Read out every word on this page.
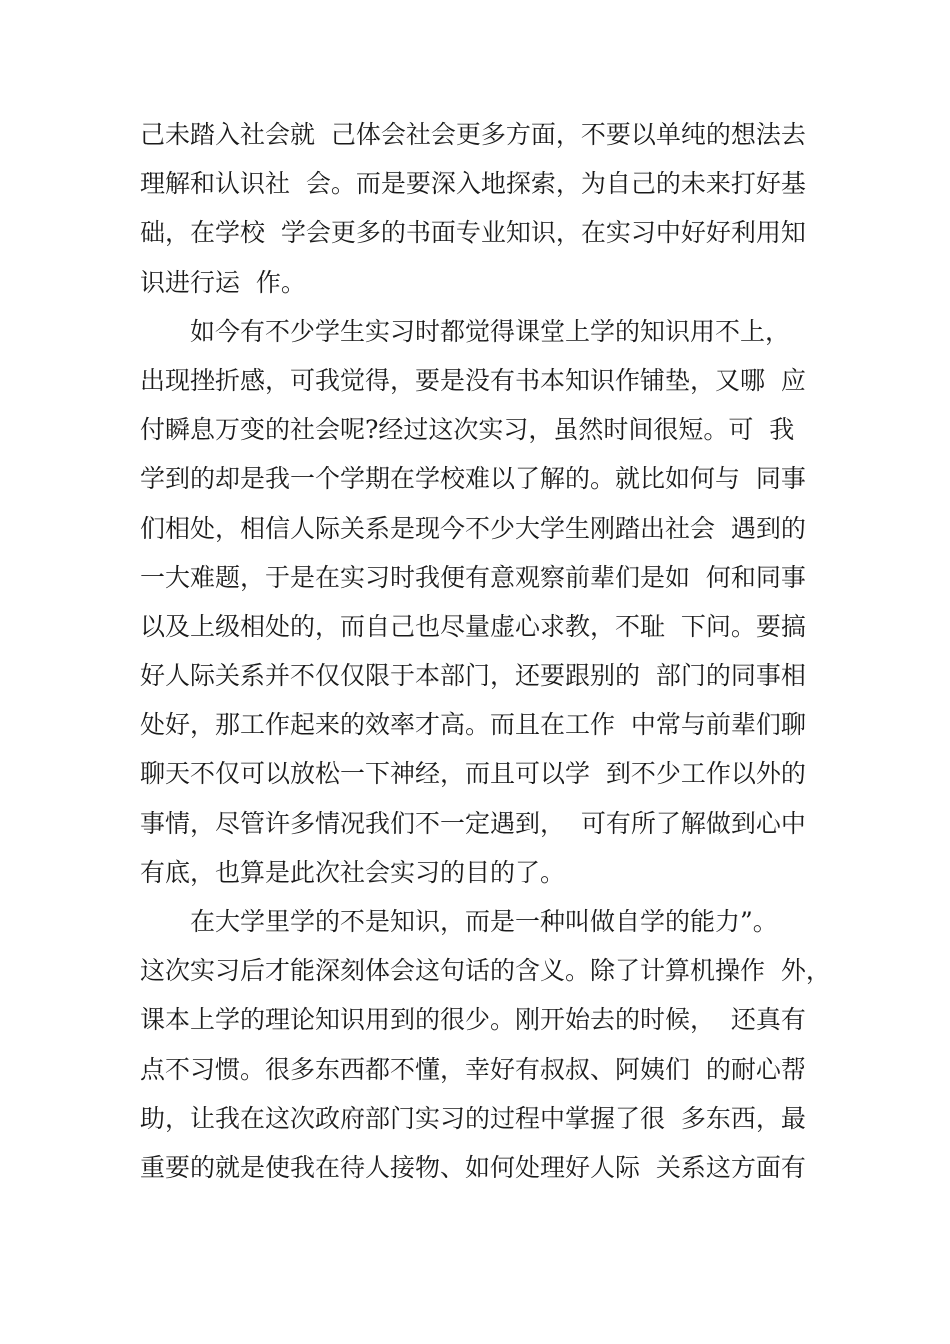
己未踏入社会就  己体会社会更多方面，不要以单纯的想法去
理解和认识社  会。而是要深入地探索，为自己的未来打好基
础，在学校  学会更多的书面专业知识，在实习中好好利用知
识进行运  作。
如今有不少学生实习时都觉得课堂上学的知识用不上，
出现挫折感，可我觉得，要是没有书本知识作铺垫，又哪  应
付瞬息万变的社会呢?经过这次实习，虽然时间很短。可  我
学到的却是我一个学期在学校难以了解的。就比如何与  同事
们相处，相信人际关系是现今不少大学生刚踏出社会  遇到的
一大难题，于是在实习时我便有意观察前辈们是如  何和同事
以及上级相处的，而自己也尽量虚心求教，不耻  下问。要搞
好人际关系并不仅仅限于本部门，还要跟别的  部门的同事相
处好，那工作起来的效率才高。而且在工作  中常与前辈们聊
聊天不仅可以放松一下神经，而且可以学  到不少工作以外的
事情，尽管许多情况我们不一定遇到，  可有所了解做到心中
有底，也算是此次社会实习的目的了。
在大学里学的不是知识，而是一种叫做自学的能力”。
这次实习后才能深刻体会这句话的含义。除了计算机操作  外，
课本上学的理论知识用到的很少。刚开始去的时候，  还真有
点不习惯。很多东西都不懂，幸好有叔叔、阿姨们  的耐心帮
助，让我在这次政府部门实习的过程中掌握了很  多东西，最
重要的就是使我在待人接物、如何处理好人际  关系这方面有
